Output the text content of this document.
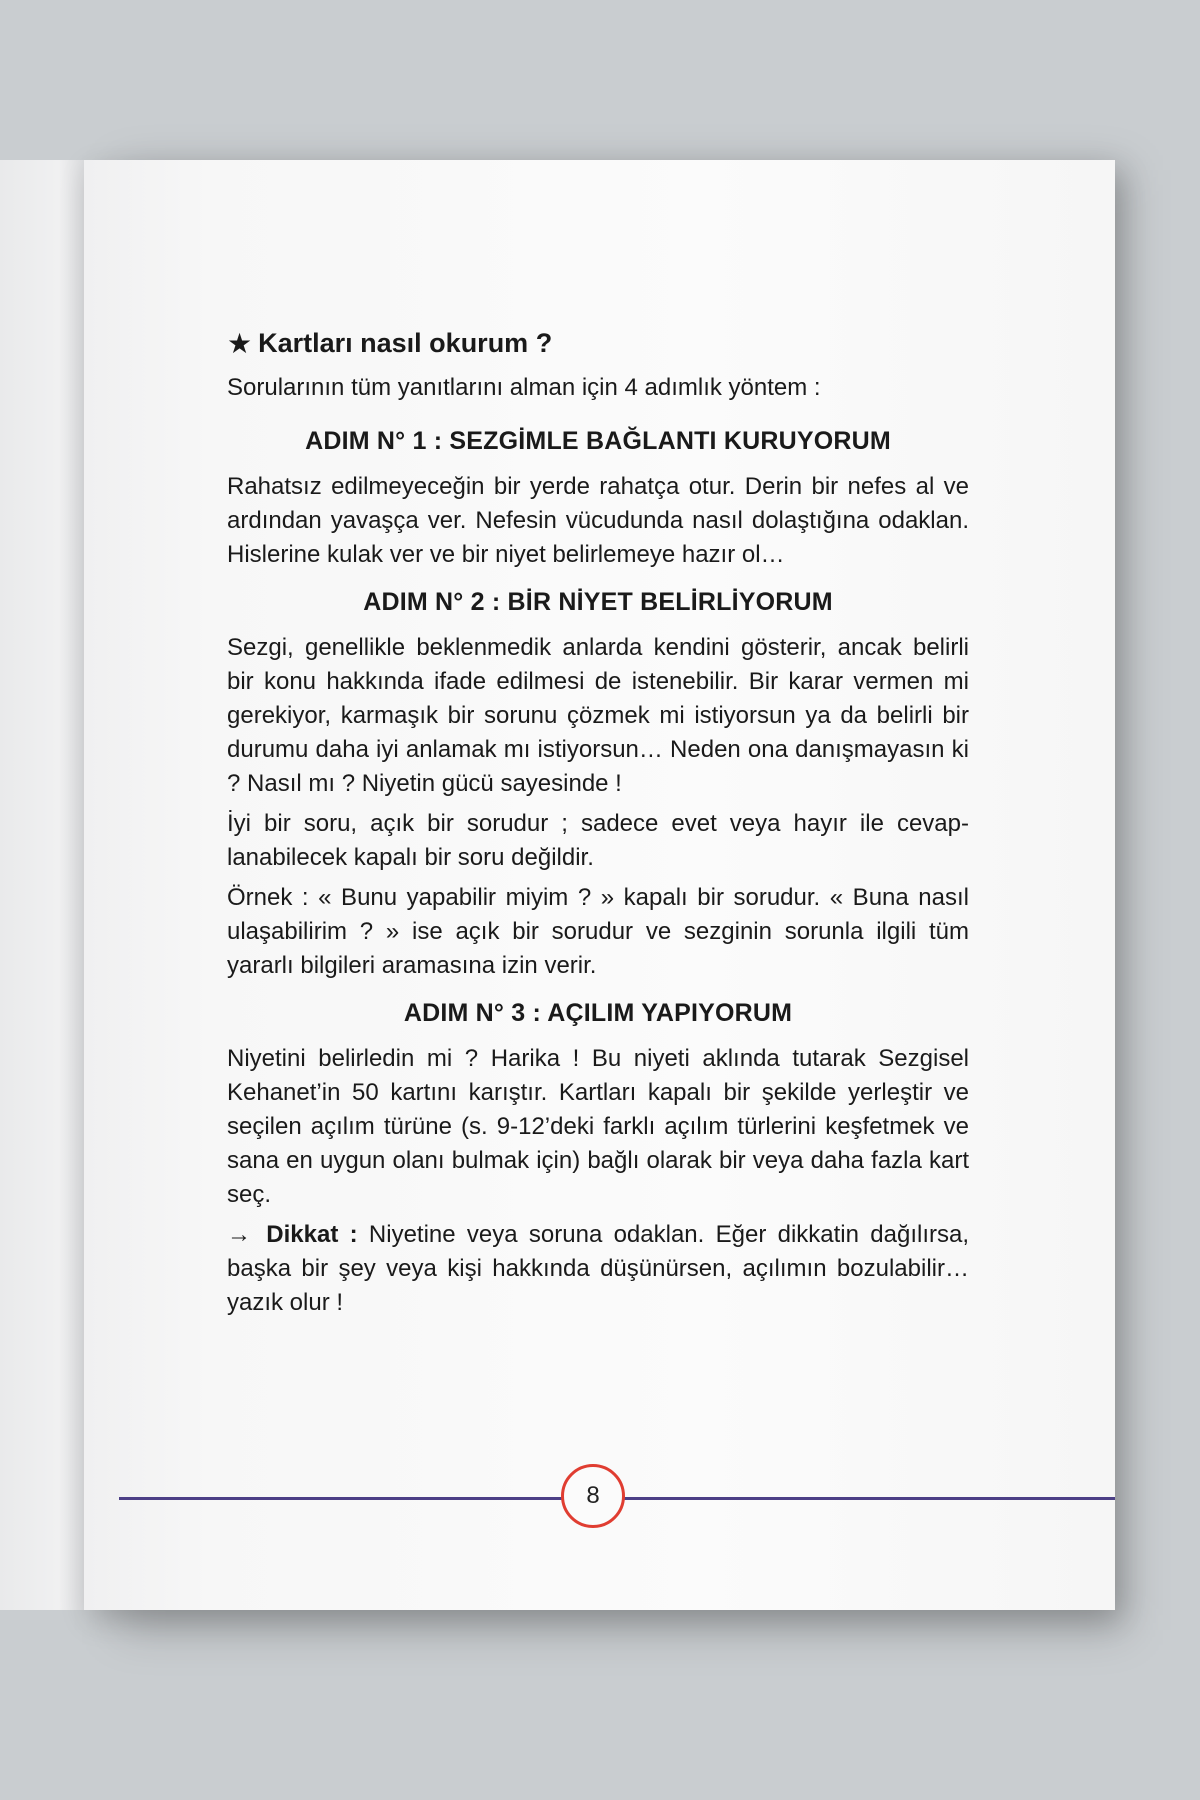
★ Kartları nasıl okurum ?

Sorularının tüm yanıtlarını alman için 4 adımlık yöntem :

ADIM N° 1 : SEZGİMLE BAĞLANTI KURUYORUM

Rahatsız edilmeyeceğin bir yerde rahatça otur. Derin bir nefes al ve ardından yavaşça ver. Nefesin vücudunda nasıl dolaştığına odaklan. Hislerine kulak ver ve bir niyet belirlemeye hazır ol…

ADIM N° 2 : BİR NİYET BELİRLİYORUM

Sezgi, genellikle beklenmedik anlarda kendini gösterir, ancak belirli bir konu hakkında ifade edilmesi de istenebilir. Bir karar vermen mi gerekiyor, karmaşık bir sorunu çözmek mi istiyorsun ya da belirli bir durumu daha iyi anlamak mı istiyorsun… Neden ona danışmayasın ki ? Nasıl mı ? Niyetin gücü sayesinde !

İyi bir soru, açık bir sorudur ; sadece evet veya hayır ile cevaplanabilecek kapalı bir soru değildir.

Örnek : « Bunu yapabilir miyim ? » kapalı bir sorudur. « Buna nasıl ulaşabilirim ? » ise açık bir sorudur ve sezginin sorunla ilgili tüm yararlı bilgileri aramasına izin verir.

ADIM N° 3 : AÇILIM YAPIYORUM

Niyetini belirledin mi ? Harika ! Bu niyeti aklında tutarak Sezgisel Kehanet’in 50 kartını karıştır. Kartları kapalı bir şekilde yerleştir ve seçilen açılım türüne (s. 9-12’deki farklı açılım türlerini keşfetmek ve sana en uygun olanı bulmak için) bağlı olarak bir veya daha fazla kart seç.

→ Dikkat : Niyetine veya soruna odaklan. Eğer dikkatin dağılırsa, başka bir şey veya kişi hakkında düşünürsen, açılımın bozulabilir… yazık olur !

8
